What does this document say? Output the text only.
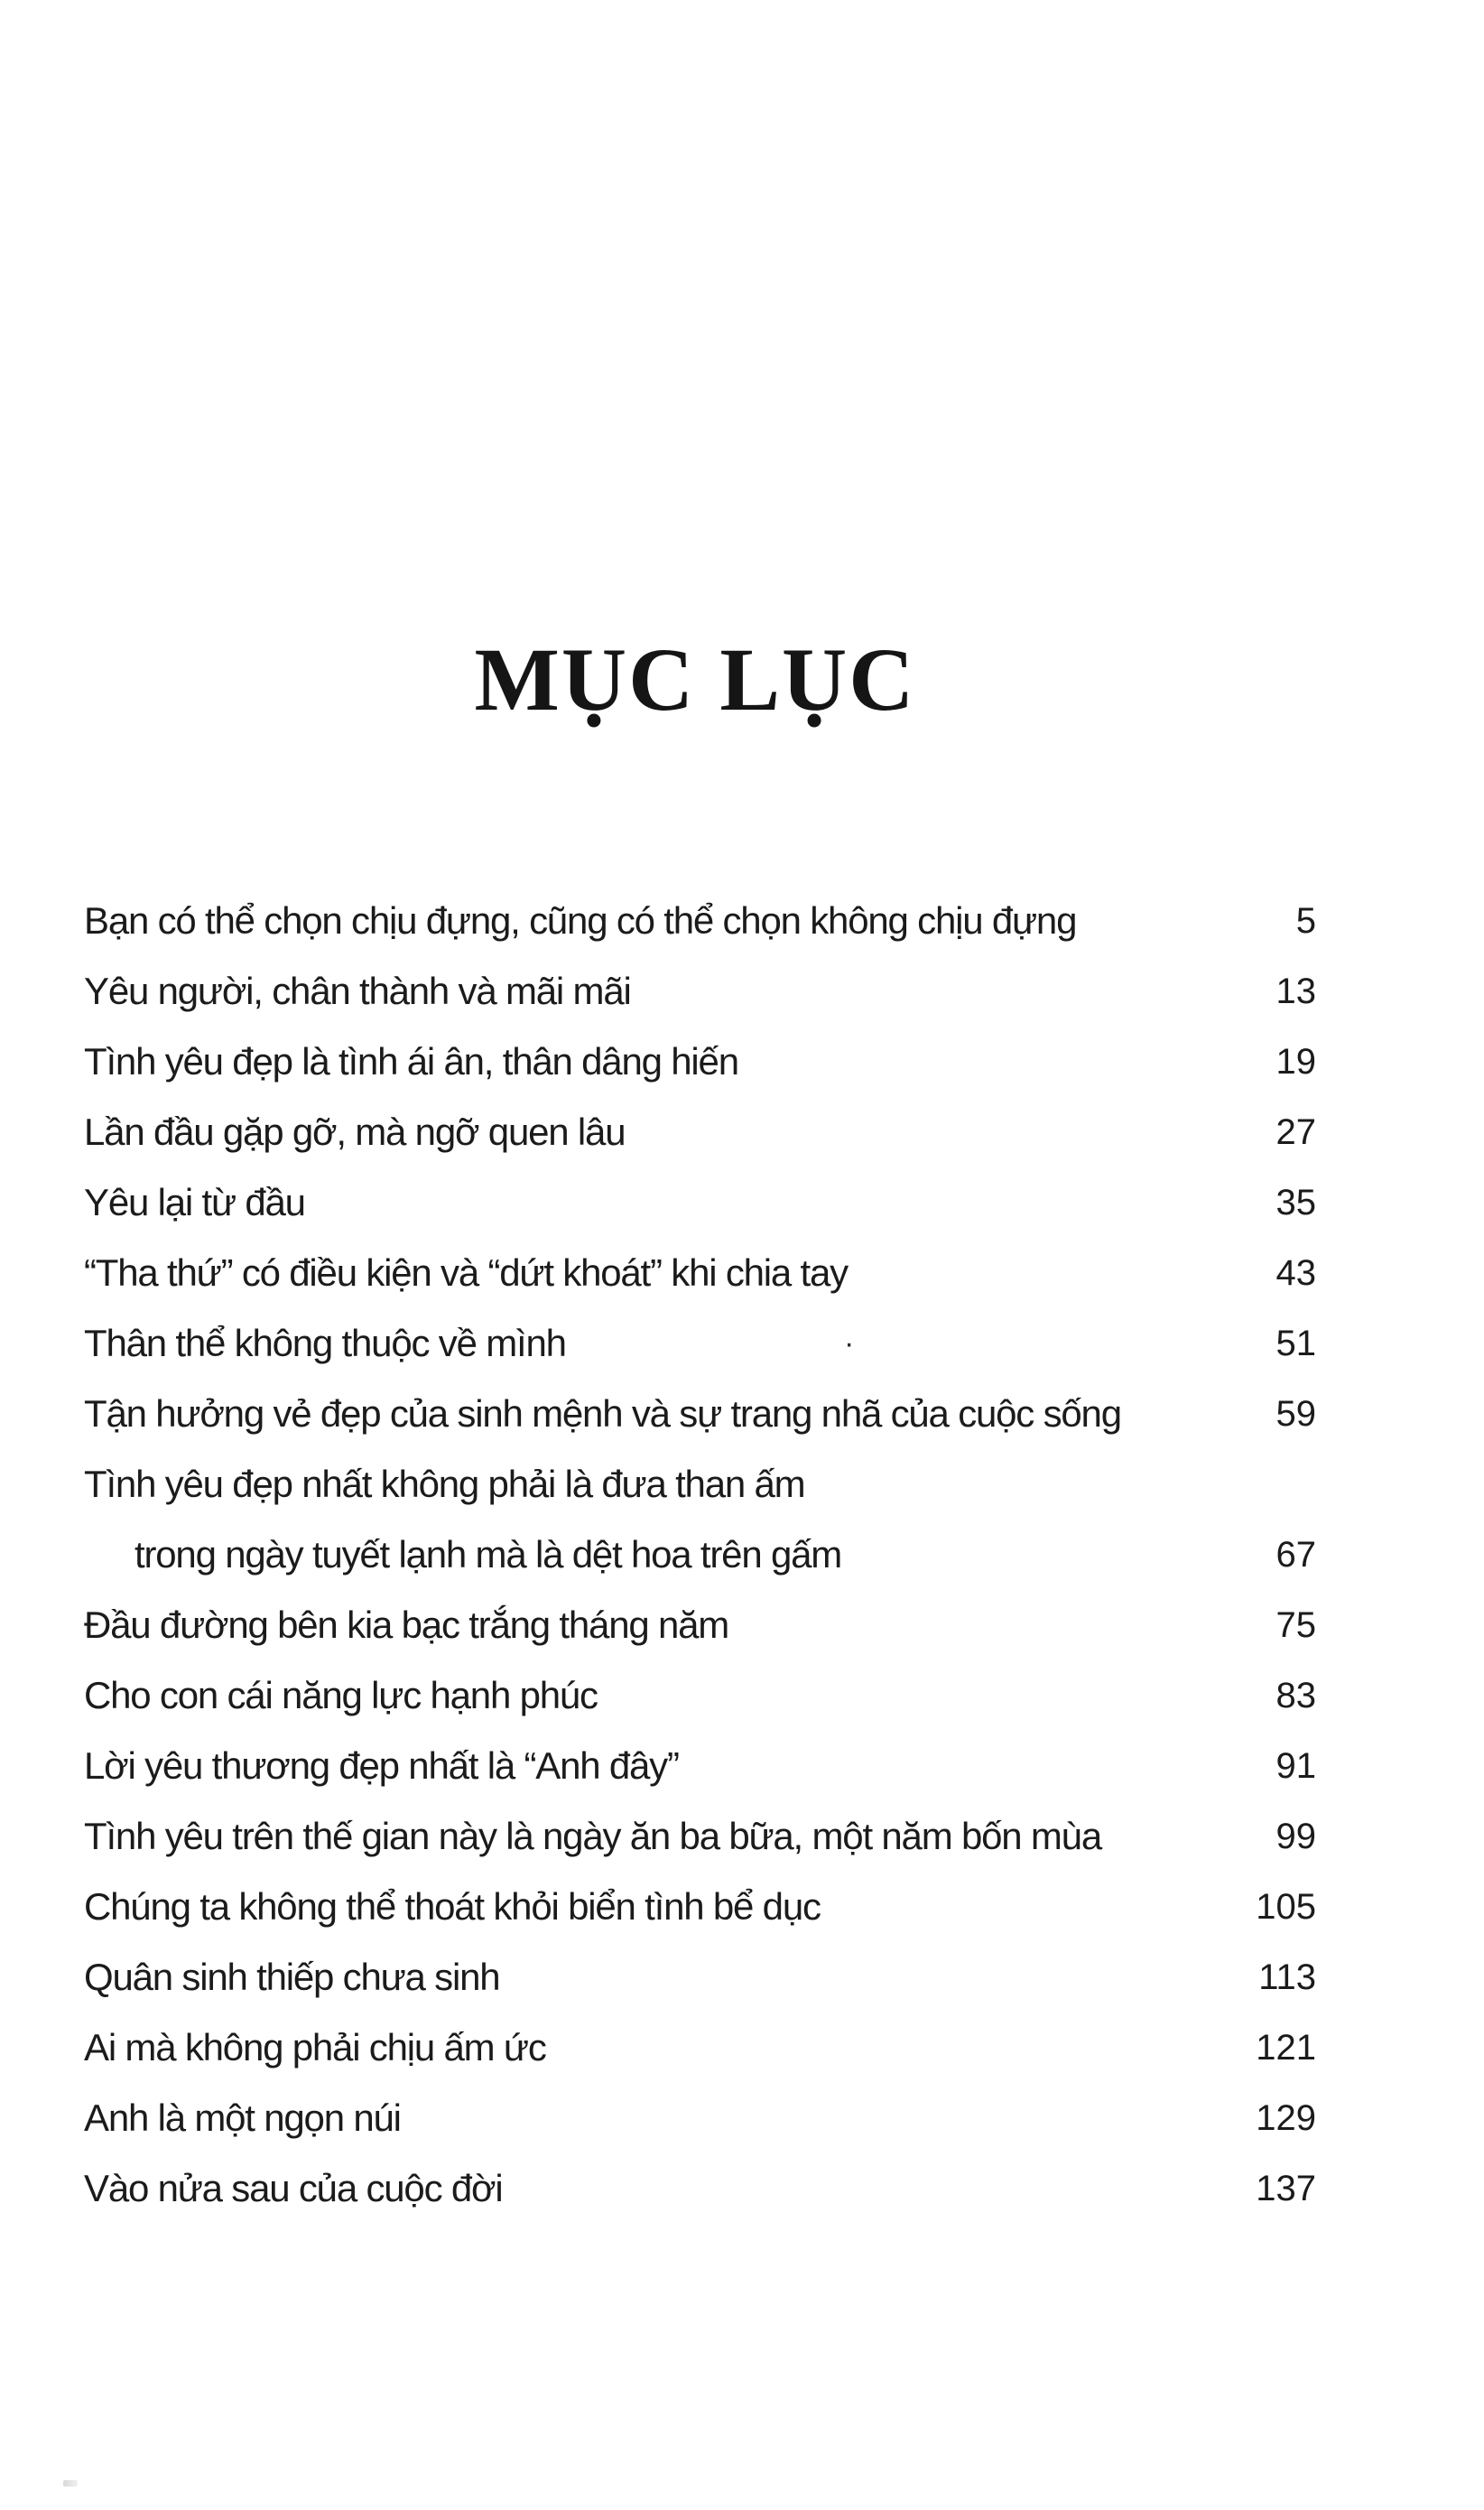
MỤC LỤC
Bạn có thể chọn chịu đựng, cũng có thể chọn không chịu đựng	5
Yêu người, chân thành và mãi mãi	13
Tình yêu đẹp là tình ái ân, thân dâng hiến	19
Lần đầu gặp gỡ, mà ngỡ quen lâu	27
Yêu lại từ đầu	35
“Tha thứ” có điều kiện và “dứt khoát” khi chia tay	43
Thân thể không thuộc về mình	·	51
Tận hưởng vẻ đẹp của sinh mệnh và sự trang nhã của cuộc sống	59
Tình yêu đẹp nhất không phải là đưa than ấm
trong ngày tuyết lạnh mà là dệt hoa trên gấm	67
Đầu đường bên kia bạc trắng tháng năm	75
Cho con cái năng lực hạnh phúc	83
Lời yêu thương đẹp nhất là “Anh đây”	91
Tình yêu trên thế gian này là ngày ăn ba bữa, một năm bốn mùa	99
Chúng ta không thể thoát khỏi biển tình bể dục	105
Quân sinh thiếp chưa sinh	113
Ai mà không phải chịu ấm ức	121
Anh là một ngọn núi	129
Vào nửa sau của cuộc đời	137
